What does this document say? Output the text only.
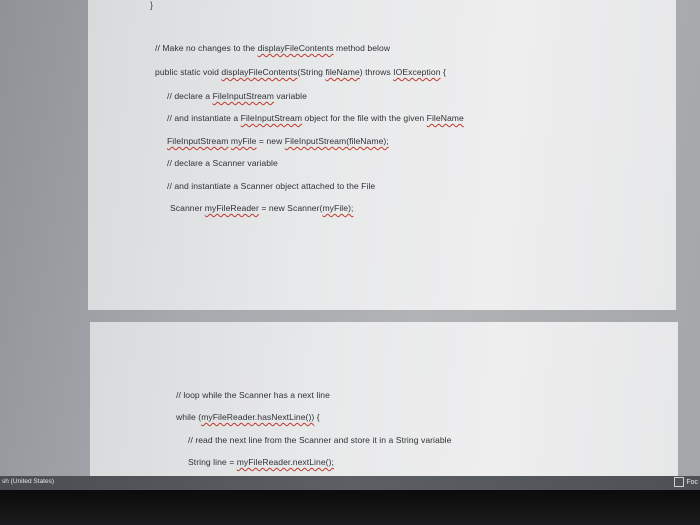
}
// Make no changes to the displayFileContents method below
public static void displayFileContents(String fileName) throws IOException {
// declare a FileInputStream variable
// and instantiate a FileInputStream object for the file with the given FileName
FileInputStream myFile = new FileInputStream(fileName);
// declare a Scanner variable
// and instantiate a Scanner object attached to the File
Scanner myFileReader = new Scanner(myFile);
// loop while the Scanner has a next line
while (myFileReader.hasNextLine()) {
// read the next line from the Scanner and store it in a String variable
String line = myFileReader.nextLine();
sh (United States)	Foc
